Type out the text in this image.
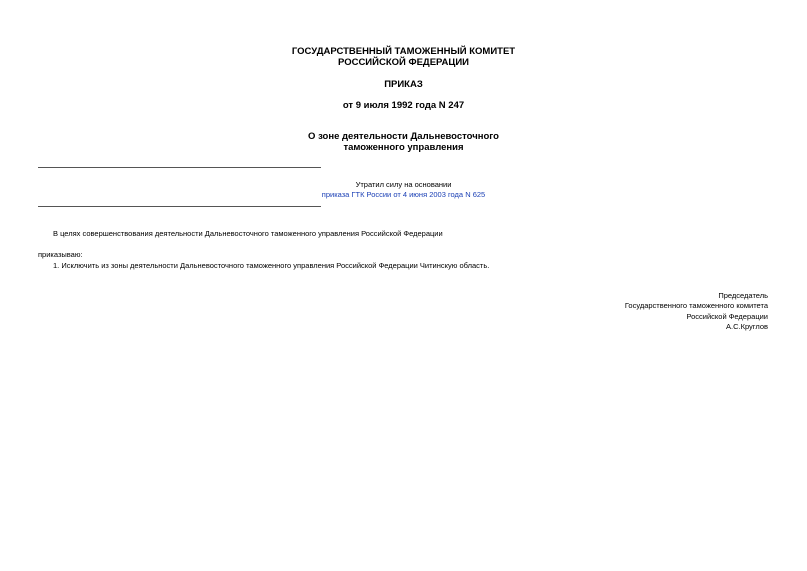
ГОСУДАРСТВЕННЫЙ ТАМОЖЕННЫЙ КОМИТЕТ
РОССИЙСКОЙ ФЕДЕРАЦИИ
ПРИКАЗ
от 9 июля 1992 года N 247
О зоне деятельности Дальневосточного
таможенного управления
Утратил силу на основании
приказа ГТК России от 4 июня 2003 года N 625
В целях совершенствования деятельности Дальневосточного таможенного управления Российской Федерации
приказываю:
1. Исключить из зоны деятельности Дальневосточного таможенного управления Российской Федерации Читинскую область.
Председатель
Государственного таможенного комитета
Российской Федерации
А.С.Круглов
